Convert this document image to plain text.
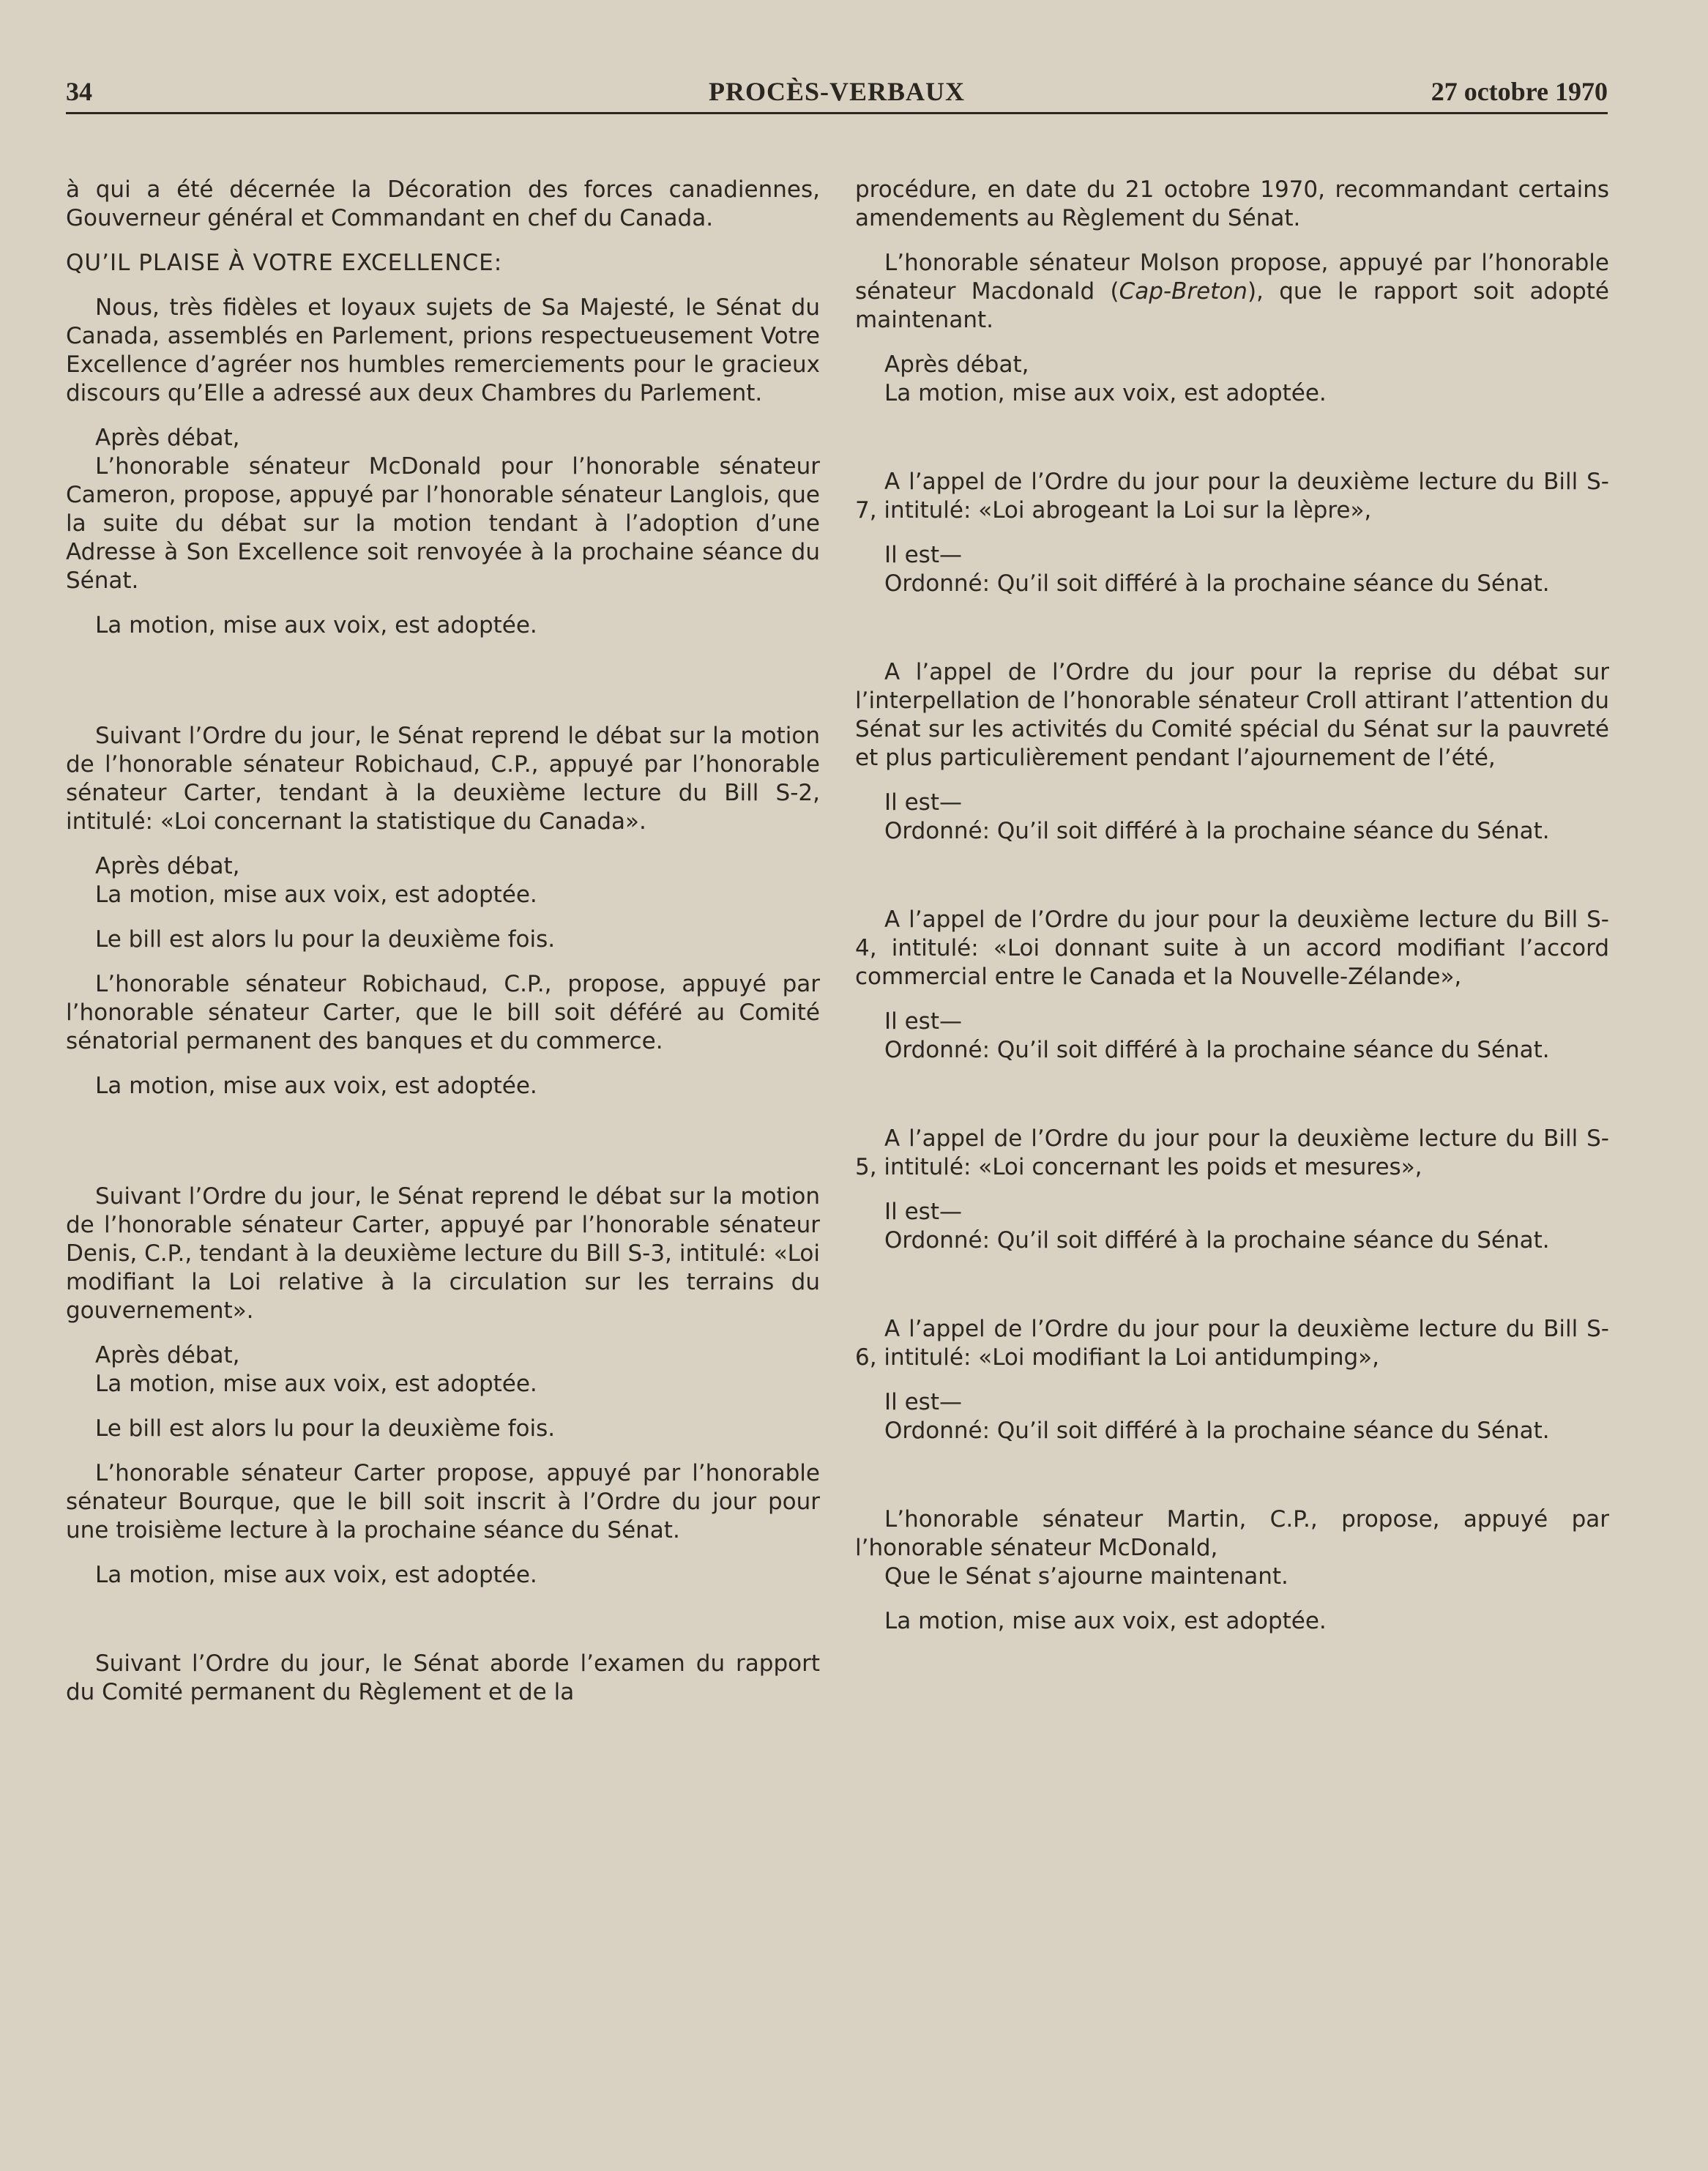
34	PROCÈS-VERBAUX	27 octobre 1970

à qui a été décernée la Décoration des forces canadiennes, Gouverneur général et Commandant en chef du Canada.

QU’IL PLAISE À VOTRE EXCELLENCE:

Nous, très fidèles et loyaux sujets de Sa Majesté, le Sénat du Canada, assemblés en Parlement, prions respectueusement Votre Excellence d’agréer nos humbles remerciements pour le gracieux discours qu’Elle a adressé aux deux Chambres du Parlement.

Après débat,

L’honorable sénateur McDonald pour l’honorable sénateur Cameron, propose, appuyé par l’honorable sénateur Langlois, que la suite du débat sur la motion tendant à l’adoption d’une Adresse à Son Excellence soit renvoyée à la prochaine séance du Sénat.

La motion, mise aux voix, est adoptée.

Suivant l’Ordre du jour, le Sénat reprend le débat sur la motion de l’honorable sénateur Robichaud, C.P., appuyé par l’honorable sénateur Carter, tendant à la deuxième lecture du Bill S-2, intitulé: «Loi concernant la statistique du Canada».

Après débat,

La motion, mise aux voix, est adoptée.

Le bill est alors lu pour la deuxième fois.

L’honorable sénateur Robichaud, C.P., propose, appuyé par l’honorable sénateur Carter, que le bill soit déféré au Comité sénatorial permanent des banques et du commerce.

La motion, mise aux voix, est adoptée.

Suivant l’Ordre du jour, le Sénat reprend le débat sur la motion de l’honorable sénateur Carter, appuyé par l’honorable sénateur Denis, C.P., tendant à la deuxième lecture du Bill S-3, intitulé: «Loi modifiant la Loi relative à la circulation sur les terrains du gouvernement».

Après débat,

La motion, mise aux voix, est adoptée.

Le bill est alors lu pour la deuxième fois.

L’honorable sénateur Carter propose, appuyé par l’honorable sénateur Bourque, que le bill soit inscrit à l’Ordre du jour pour une troisième lecture à la prochaine séance du Sénat.

La motion, mise aux voix, est adoptée.

Suivant l’Ordre du jour, le Sénat aborde l’examen du rapport du Comité permanent du Règlement et de la

procédure, en date du 21 octobre 1970, recommandant certains amendements au Règlement du Sénat.

L’honorable sénateur Molson propose, appuyé par l’honorable sénateur Macdonald (Cap-Breton), que le rapport soit adopté maintenant.

Après débat,

La motion, mise aux voix, est adoptée.

A l’appel de l’Ordre du jour pour la deuxième lecture du Bill S-7, intitulé: «Loi abrogeant la Loi sur la lèpre»,

Il est—

Ordonné: Qu’il soit différé à la prochaine séance du Sénat.

A l’appel de l’Ordre du jour pour la reprise du débat sur l’interpellation de l’honorable sénateur Croll attirant l’attention du Sénat sur les activités du Comité spécial du Sénat sur la pauvreté et plus particulièrement pendant l’ajournement de l’été,

Il est—

Ordonné: Qu’il soit différé à la prochaine séance du Sénat.

A l’appel de l’Ordre du jour pour la deuxième lecture du Bill S-4, intitulé: «Loi donnant suite à un accord modifiant l’accord commercial entre le Canada et la Nouvelle-Zélande»,

Il est—

Ordonné: Qu’il soit différé à la prochaine séance du Sénat.

A l’appel de l’Ordre du jour pour la deuxième lecture du Bill S-5, intitulé: «Loi concernant les poids et mesures»,

Il est—

Ordonné: Qu’il soit différé à la prochaine séance du Sénat.

A l’appel de l’Ordre du jour pour la deuxième lecture du Bill S-6, intitulé: «Loi modifiant la Loi antidumping»,

Il est—

Ordonné: Qu’il soit différé à la prochaine séance du Sénat.

L’honorable sénateur Martin, C.P., propose, appuyé par l’honorable sénateur McDonald,

Que le Sénat s’ajourne maintenant.

La motion, mise aux voix, est adoptée.
